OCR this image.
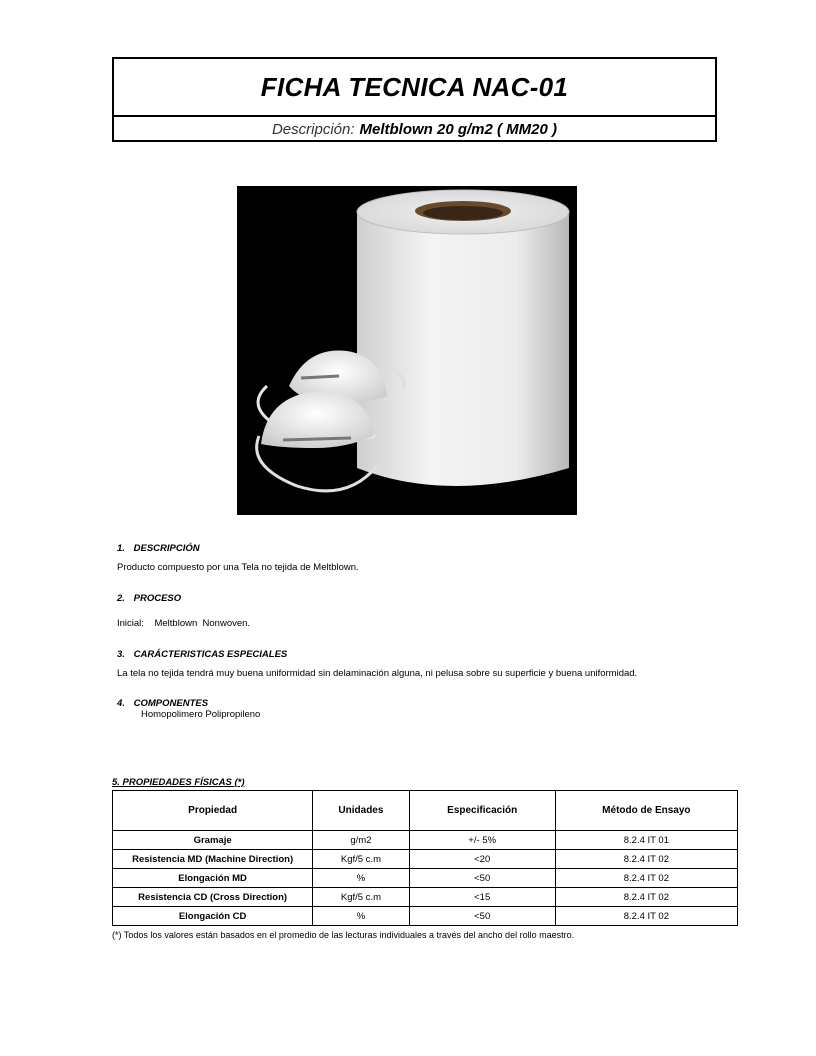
FICHA TECNICA NAC-01
Descripción: Meltblown 20 g/m2 ( MM20 )
1. DESCRIPCIÓN
Producto compuesto por una Tela no tejida de Meltblown.
2. PROCESO
Inicial:    Meltblown  Nonwoven.
3. CARÁCTERISTICAS ESPECIALES
La tela no tejida tendrá muy buena uniformidad sin delaminación alguna, ni pelusa sobre su superficie y buena uniformidad.
4. COMPONENTES
Homopolimero Polipropileno
5. PROPIEDADES FÍSICAS (*)
Propiedad	Unidades	Especificación	Método de Ensayo
Gramaje	g/m2	+/- 5%	8.2.4 IT 01
Resistencia MD (Machine Direction)	Kgf/5 c.m	<20	8.2.4 IT 02
Elongación MD	%	<50	8.2.4 IT 02
Resistencia CD (Cross Direction)	Kgf/5 c.m	<15	8.2.4 IT 02
Elongación CD	%	<50	8.2.4 IT 02
(*) Todos los valores están basados en el promedio de las lecturas individuales a través del ancho del rollo maestro.
